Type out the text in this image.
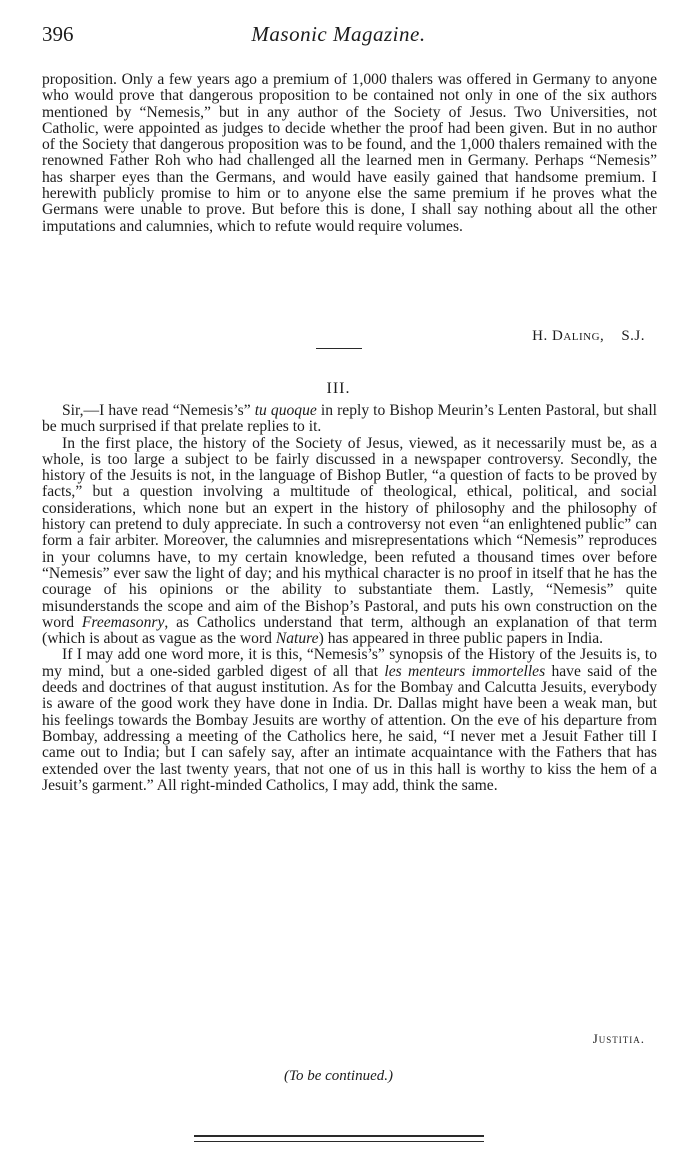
396	Masonic Magazine.

proposition. Only a few years ago a premium of 1,000 thalers was offered in Germany to anyone who would prove that dangerous proposition to be contained not only in one of the six authors mentioned by “Nemesis,” but in any author of the Society of Jesus. Two Universities, not Catholic, were appointed as judges to decide whether the proof had been given. But in no author of the Society that dangerous proposition was to be found, and the 1,000 thalers remained with the renowned Father Roh who had challenged all the learned men in Germany. Perhaps “Nemesis” has sharper eyes than the Germans, and would have easily gained that handsome premium. I herewith publicly promise to him or to anyone else the same premium if he proves what the Germans were unable to prove. But before this is done, I shall say nothing about all the other imputations and calumnies, which to refute would require volumes.

H. Daling, S.J.
III.

Sir,—I have read “Nemesis’s” tu quoque in reply to Bishop Meurin’s Lenten Pastoral, but shall be much surprised if that prelate replies to it.

In the first place, the history of the Society of Jesus, viewed, as it necessarily must be, as a whole, is too large a subject to be fairly discussed in a newspaper controversy. Secondly, the history of the Jesuits is not, in the language of Bishop Butler, “a question of facts to be proved by facts,” but a question involving a multitude of theological, ethical, political, and social considerations, which none but an expert in the history of philosophy and the philosophy of history can pretend to duly appreciate. In such a controversy not even “an enlightened public” can form a fair arbiter. Moreover, the calumnies and misrepresentations which “Nemesis” reproduces in your columns have, to my certain knowledge, been refuted a thousand times over before “Nemesis” ever saw the light of day; and his mythical character is no proof in itself that he has the courage of his opinions or the ability to substantiate them. Lastly, “Nemesis” quite misunderstands the scope and aim of the Bishop’s Pastoral, and puts his own construction on the word Freemasonry, as Catholics understand that term, although an explanation of that term (which is about as vague as the word Nature) has appeared in three public papers in India.

If I may add one word more, it is this, “Nemesis’s” synopsis of the History of the Jesuits is, to my mind, but a one-sided garbled digest of all that les menteurs immortelles have said of the deeds and doctrines of that august institution. As for the Bombay and Calcutta Jesuits, everybody is aware of the good work they have done in India. Dr. Dallas might have been a weak man, but his feelings towards the Bombay Jesuits are worthy of attention. On the eve of his departure from Bombay, addressing a meeting of the Catholics here, he said, “I never met a Jesuit Father till I came out to India; but I can safely say, after an intimate acquaintance with the Fathers that has extended over the last twenty years, that not one of us in this hall is worthy to kiss the hem of a Jesuit’s garment.” All right-minded Catholics, I may add, think the same.

Justitia.
(To be continued.)
